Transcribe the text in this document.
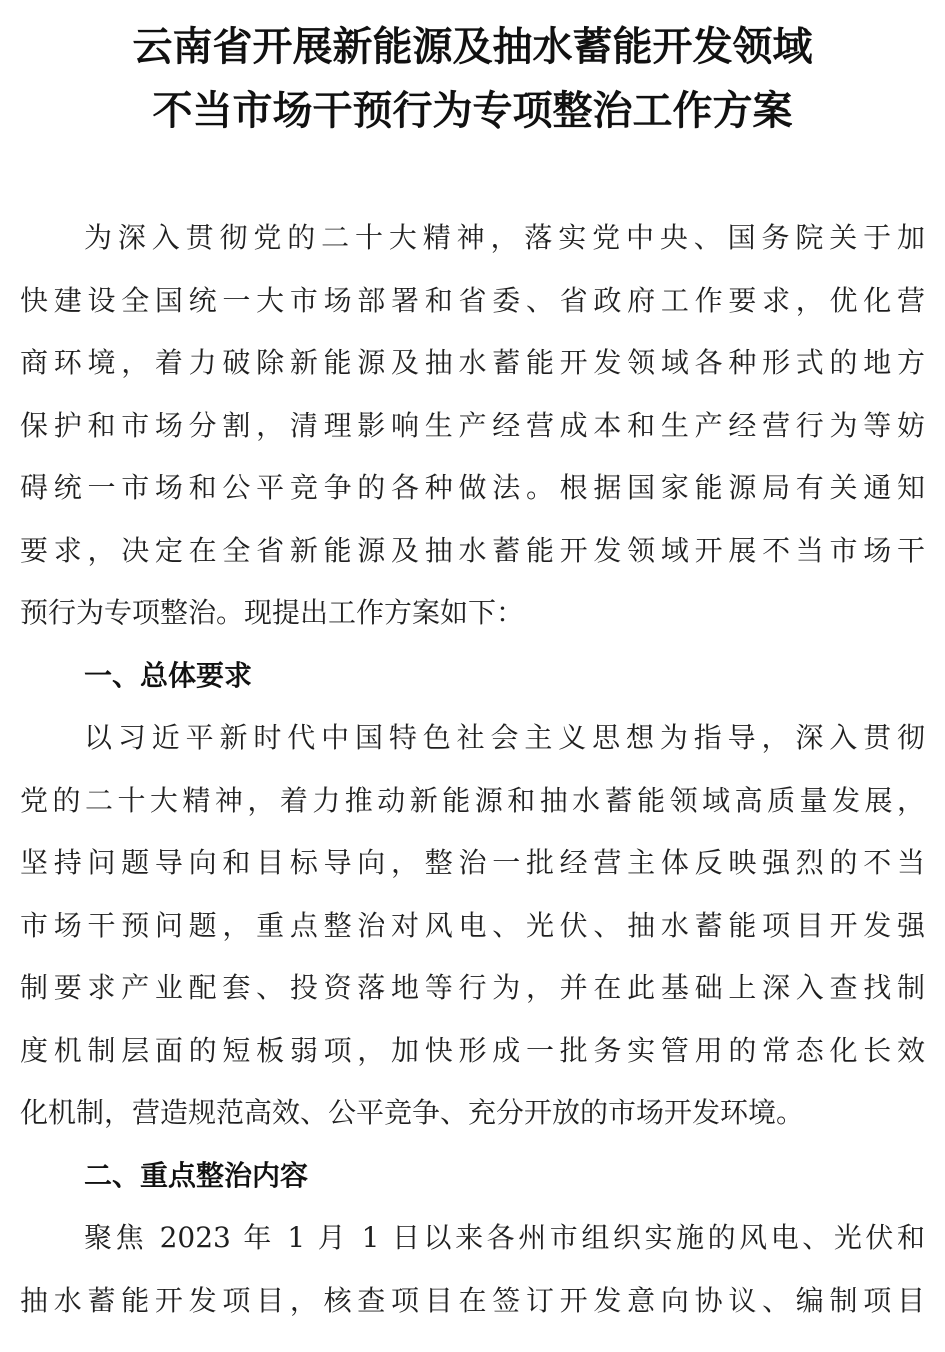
云南省开展新能源及抽水蓄能开发领域
不当市场干预行为专项整治工作方案
为深入贯彻党的二十大精神，落实党中央、国务院关于加
快建设全国统一大市场部署和省委、省政府工作要求，优化营
商环境，着力破除新能源及抽水蓄能开发领域各种形式的地方
保护和市场分割，清理影响生产经营成本和生产经营行为等妨
碍统一市场和公平竞争的各种做法。根据国家能源局有关通知
要求，决定在全省新能源及抽水蓄能开发领域开展不当市场干
预行为专项整治。现提出工作方案如下：
一、总体要求
以习近平新时代中国特色社会主义思想为指导，深入贯彻
党的二十大精神，着力推动新能源和抽水蓄能领域高质量发展，
坚持问题导向和目标导向，整治一批经营主体反映强烈的不当
市场干预问题，重点整治对风电、光伏、抽水蓄能项目开发强
制要求产业配套、投资落地等行为，并在此基础上深入查找制
度机制层面的短板弱项，加快形成一批务实管用的常态化长效
化机制，营造规范高效、公平竞争、充分开放的市场开发环境。
二、重点整治内容
聚焦 2023 年 1 月 1 日以来各州市组织实施的风电、光伏和
抽水蓄能开发项目，核查项目在签订开发意向协议、编制项目
